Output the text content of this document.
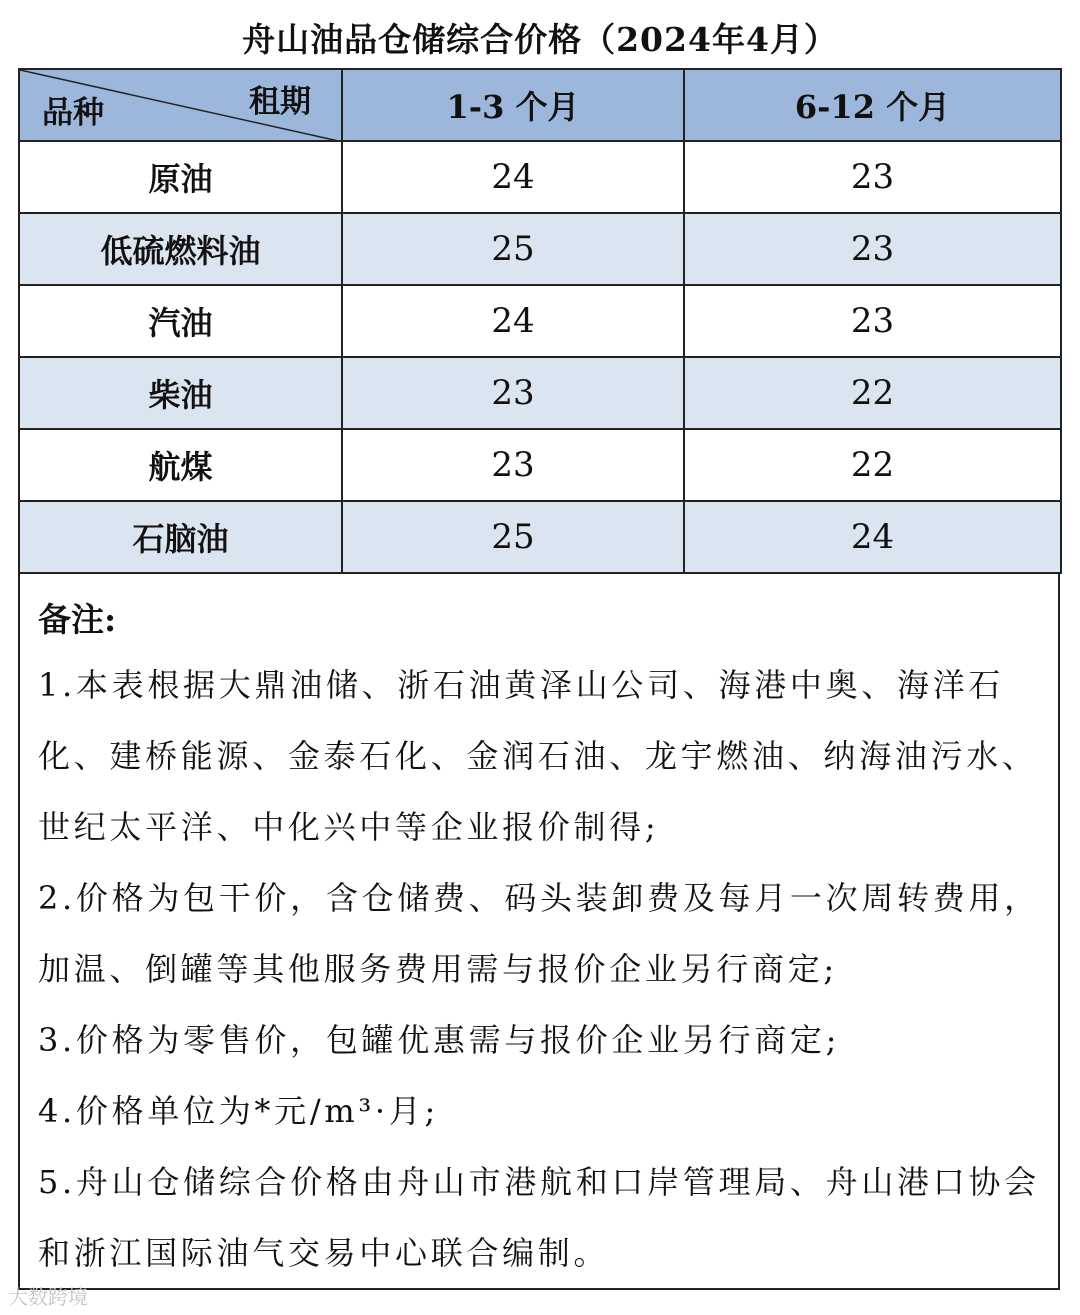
舟山油品仓储综合价格（2024年4月）
品种 租期	1-3 个月	6-12 个月
原油	24	23
低硫燃料油	25	23
汽油	24	23
柴油	23	22
航煤	23	22
石脑油	25	24
备注:

1.本表根据大鼎油储、浙石油黄泽山公司、海港中奥、海洋石化、建桥能源、金泰石化、金润石油、龙宇燃油、纳海油污水、世纪太平洋、中化兴中等企业报价制得;

2.价格为包干价，含仓储费、码头装卸费及每月一次周转费用，加温、倒罐等其他服务费用需与报价企业另行商定;

3.价格为零售价，包罐优惠需与报价企业另行商定;

4.价格单位为*元/m³·月;

5.舟山仓储综合价格由舟山市港航和口岸管理局、舟山港口协会和浙江国际油气交易中心联合编制。

大数跨境
